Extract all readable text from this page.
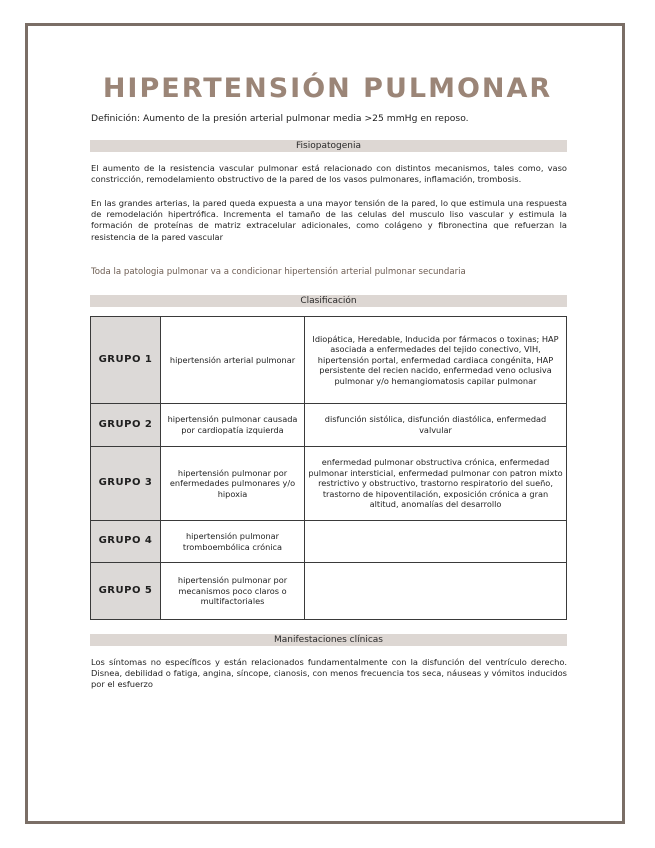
HIPERTENSIÓN PULMONAR
Definición: Aumento de la presión arterial pulmonar media >25 mmHg en reposo.
Fisiopatogenia
El aumento de la resistencia vascular pulmonar está relacionado con distintos mecanismos, tales como, vaso constricción, remodelamiento obstructivo de la pared de los vasos pulmonares, inflamación, trombosis.
En las grandes arterias, la pared queda expuesta a una mayor tensión de la pared, lo que estimula una respuesta de remodelación hipertrófica. Incrementa el tamaño de las celulas del musculo liso vascular y estimula la formación de proteínas de matriz extracelular adicionales, como colágeno y fibronectina que refuerzan la resistencia de la pared vascular
Toda la patologia pulmonar va a condicionar hipertensión arterial pulmonar secundaria
Clasificación
GRUPO 1	hipertensión arterial pulmonar	Idiopática, Heredable, Inducida por fármacos o toxinas; HAP asociada a enfermedades del tejido conectivo, VIH, hipertensión portal, enfermedad cardiaca congénita, HAP persistente del recien nacido, enfermedad veno oclusiva pulmonar y/o hemangiomatosis capilar pulmonar
GRUPO 2	hipertensión pulmonar causada por cardiopatía izquierda	disfunción sistólica, disfunción diastólica, enfermedad valvular
GRUPO 3	hipertensión pulmonar por enfermedades pulmonares y/o hipoxia	enfermedad pulmonar obstructiva crónica, enfermedad pulmonar intersticial, enfermedad pulmonar con patron mixto restrictivo y obstructivo, trastorno respiratorio del sueño, trastorno de hipoventilación, exposición crónica a gran altitud, anomalías del desarrollo
GRUPO 4	hipertensión pulmonar tromboembólica crónica	
GRUPO 5	hipertensión pulmonar por mecanismos poco claros o multifactoriales	
Manifestaciones clínicas
Los síntomas no específicos y están relacionados fundamentalmente con la disfunción del ventrículo derecho. Disnea, debilidad o fatiga, angina, síncope, cianosis, con menos frecuencia tos seca, náuseas y vómitos inducidos por el esfuerzo
